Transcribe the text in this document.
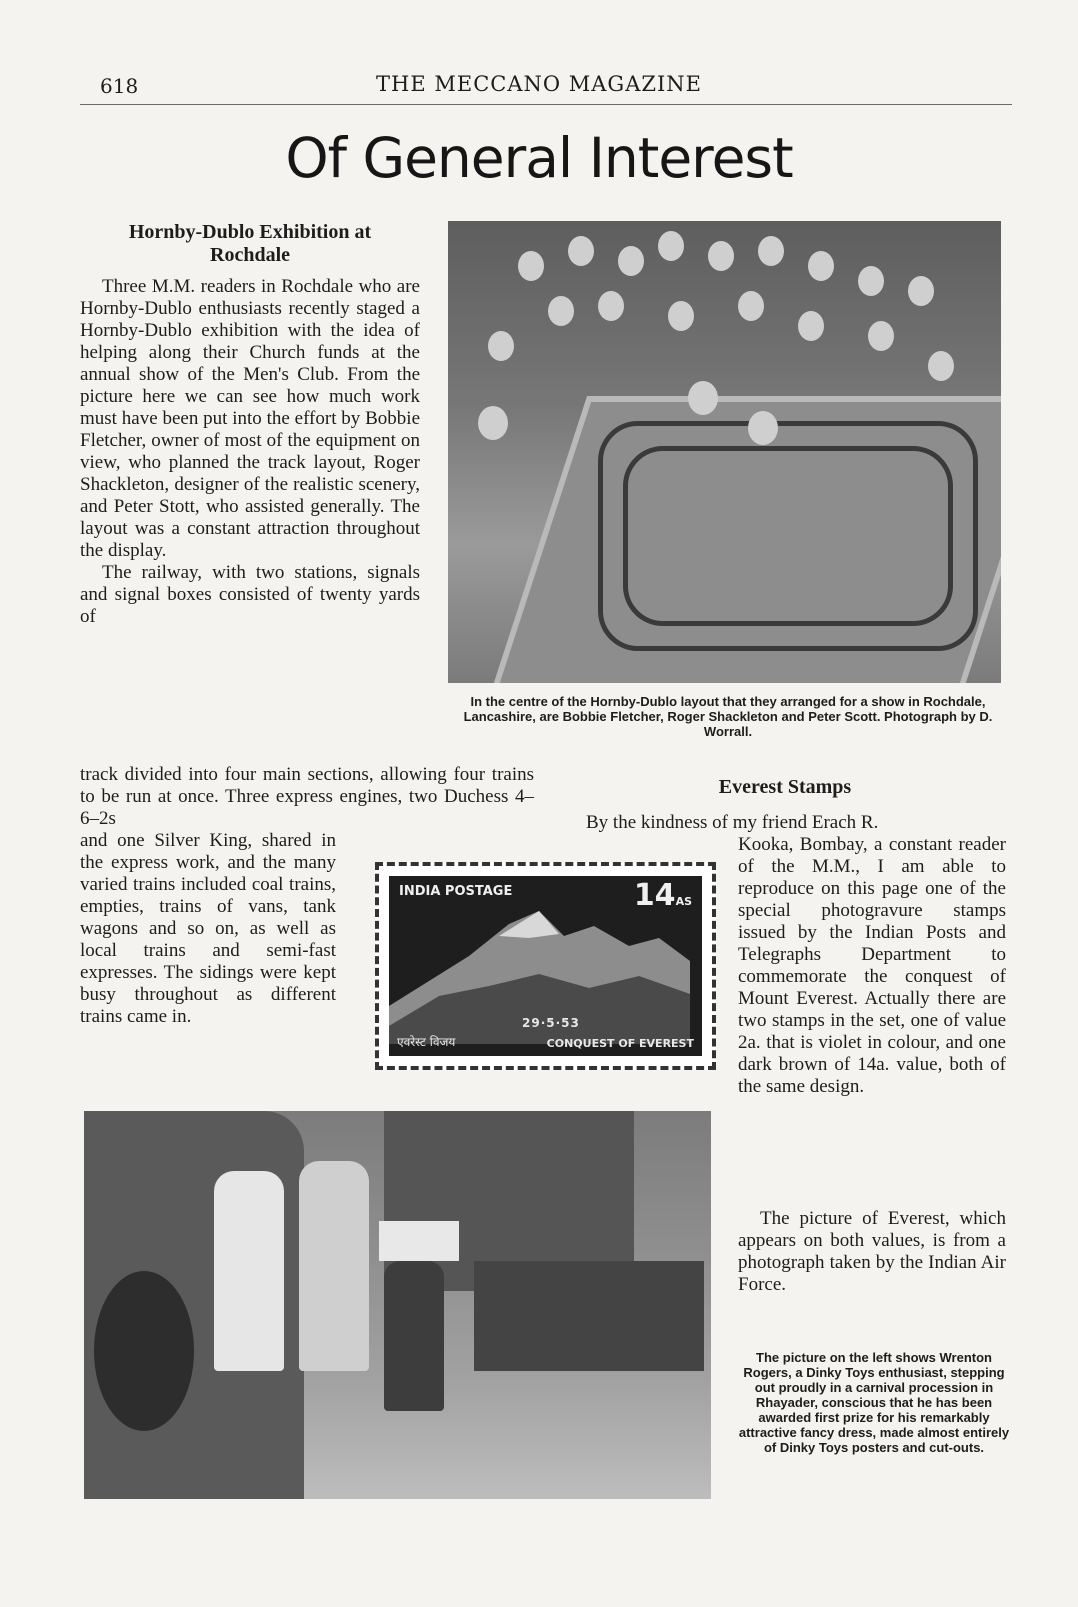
618	THE MECCANO MAGAZINE
Of General Interest
Hornby-Dublo Exhibition at
Rochdale

Three M.M. readers in Rochdale who are Hornby-Dublo enthusiasts recently staged a Hornby-Dublo exhibition with the idea of helping along their Church funds at the annual show of the Men's Club. From the picture here we can see how much work must have been put into the effort by Bobbie Fletcher, owner of most of the equipment on view, who planned the track layout, Roger Shackleton, designer of the realistic scenery, and Peter Stott, who assisted generally. The layout was a constant attraction throughout the display.

The railway, with two stations, signals and signal boxes consisted of twenty yards of

track divided into four main sections, allowing four trains to be run at once. Three express engines, two Duchess 4–6–2s

and one Silver King, shared in the express work, and the many varied trains included coal trains, empties, trains of vans, tank wagons and so on, as well as local trains and semi-fast expresses. The sidings were kept busy throughout as different trains came in.

In the centre of the Hornby-Dublo layout that they arranged for a show in Rochdale, Lancashire, are Bobbie Fletcher, Roger Shackleton and Peter Scott. Photograph by D. Worrall.
Everest Stamps

By the kindness of my friend Erach R.

Kooka, Bombay, a constant reader of the M.M., I am able to reproduce on this page one of the special photogravure stamps issued by the Indian Posts and Telegraphs Department to commemorate the conquest of Mount Everest. Actually there are two stamps in the set, one of value 2a. that is violet in colour, and one dark brown of 14a. value, both of the same design.

The picture of Everest, which appears on both values, is from a photograph taken by the Indian Air Force.

INDIA POSTAGE	14AS
29·5·53
एवरेस्ट विजय	CONQUEST OF EVEREST
The picture on the left shows Wrenton Rogers, a Dinky Toys enthusiast, stepping out proudly in a carnival procession in Rhayader, conscious that he has been awarded first prize for his remarkably attractive fancy dress, made almost entirely of Dinky Toys posters and cut-outs.
